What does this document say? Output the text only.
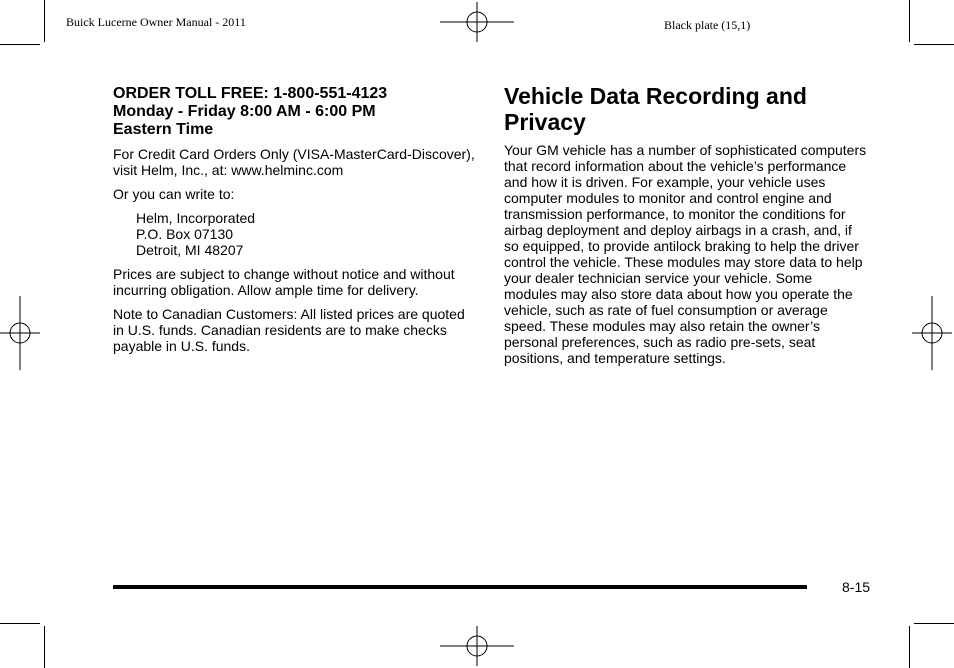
Buick Lucerne Owner Manual - 2011	Black plate (15,1)
ORDER TOLL FREE: 1-800-551-4123
Monday - Friday 8:00 AM - 6:00 PM
Eastern Time

For Credit Card Orders Only (VISA-MasterCard-Discover), visit Helm, Inc., at: www.helminc.com

Or you can write to:

Helm, Incorporated
P.O. Box 07130
Detroit, MI 48207

Prices are subject to change without notice and without incurring obligation. Allow ample time for delivery.

Note to Canadian Customers: All listed prices are quoted in U.S. funds. Canadian residents are to make checks payable in U.S. funds.

Vehicle Data Recording and Privacy

Your GM vehicle has a number of sophisticated computers that record information about the vehicle’s performance and how it is driven. For example, your vehicle uses computer modules to monitor and control engine and transmission performance, to monitor the conditions for airbag deployment and deploy airbags in a crash, and, if so equipped, to provide antilock braking to help the driver control the vehicle. These modules may store data to help your dealer technician service your vehicle. Some modules may also store data about how you operate the vehicle, such as rate of fuel consumption or average speed. These modules may also retain the owner’s personal preferences, such as radio pre-sets, seat positions, and temperature settings.

8-15
